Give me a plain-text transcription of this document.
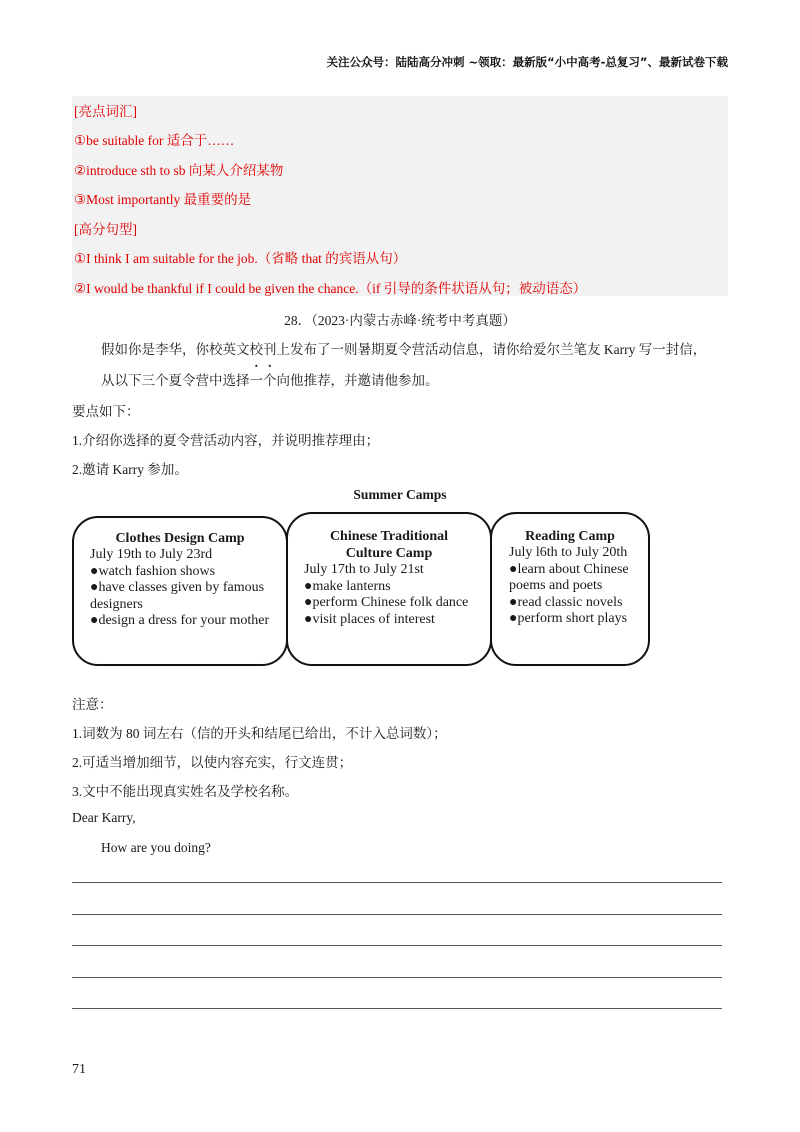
关注公众号：陆陆高分冲刺 ~领取：最新版“小中高考-总复习”、最新试卷下载
[亮点词汇]
①be suitable for 适合于……
②introduce sth to sb 向某人介绍某物
③Most importantly 最重要的是
[高分句型]
①I think I am suitable for the job.（省略 that 的宾语从句）
②I would be thankful if I could be given the chance.（if 引导的条件状语从句；被动语态）
28．（2023·内蒙古赤峰·统考中考真题）
假如你是李华，你校英文校刊上发布了一则暑期夏令营活动信息，请你给爱尔兰笔友 Karry 写一封信，
从以下三个夏令营中选择一个向他推荐，并邀请他参加。
要点如下：
1.介绍你选择的夏令营活动内容，并说明推荐理由；
2.邀请 Karry 参加。
Summer Camps
Clothes Design Camp
July 19th to July 23rd
●watch fashion shows
●have classes given by famous
designers
●design a dress for your mother
Chinese Traditional
Culture Camp
July 17th to July 21st
●make lanterns
●perform Chinese folk dance
●visit places of interest
Reading Camp
July l6th to July 20th
●learn about Chinese
poems and poets
●read classic novels
●perform short plays
注意：
1.词数为 80 词左右（信的开头和结尾已给出，不计入总词数）；
2.可适当增加细节，以使内容充实，行文连贯；
3.文中不能出现真实姓名及学校名称。
Dear Karry,
How are you doing?
71
